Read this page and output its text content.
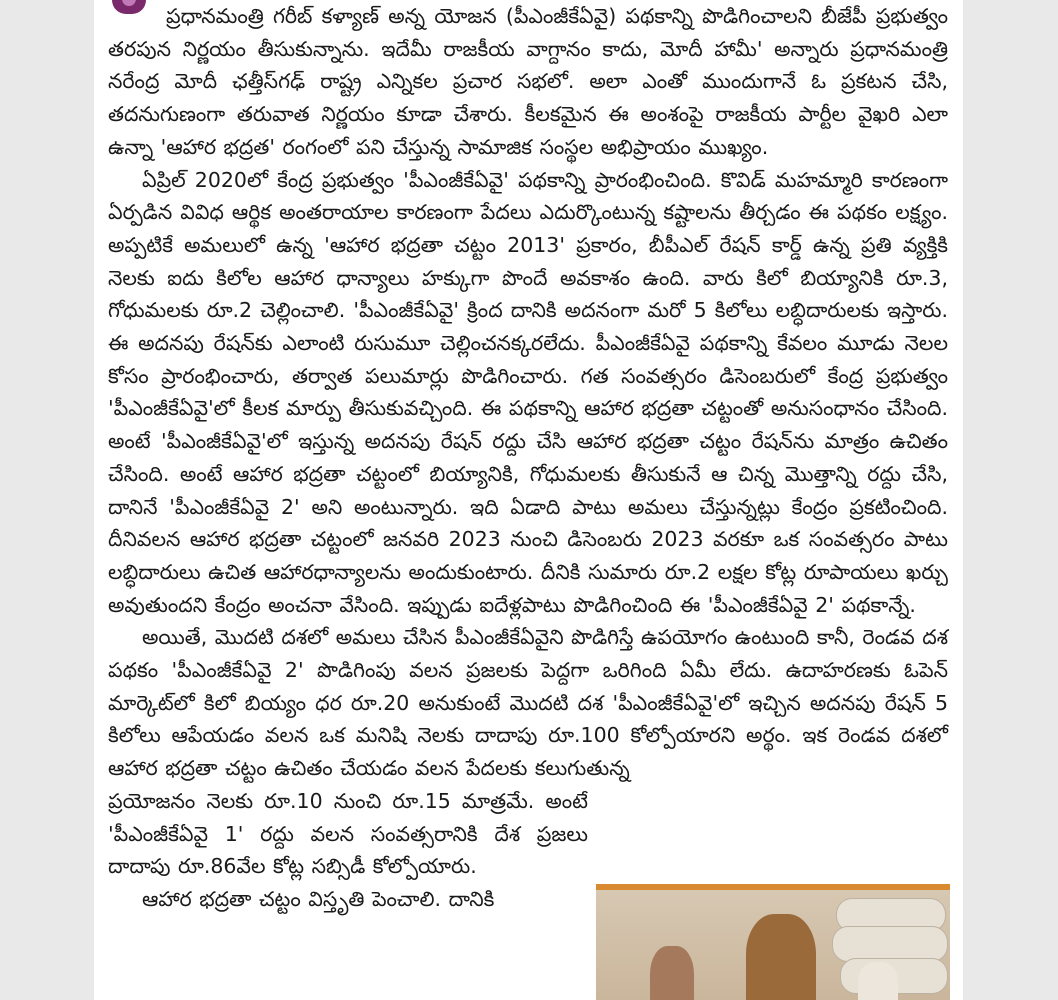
ప్రధానమంత్రి గరీబ్ కళ్యాణ్ అన్న యోజన (పీఎంజీకేఏవై) పథకాన్ని పొడిగించాలని బీజేపీ ప్రభుత్వం తరపున నిర్ణయం తీసుకున్నాను. ఇదేమీ రాజకీయ వాగ్దానం కాదు, మోదీ హామీ' అన్నారు ప్రధానమంత్రి నరేంద్ర మోదీ ఛత్తీస్‌గఢ్ రాష్ట్ర ఎన్నికల ప్రచార సభలో. అలా ఎంతో ముందుగానే ఓ ప్రకటన చేసి, తదనుగుణంగా తరువాత నిర్ణయం కూడా చేశారు. కీలకమైన ఈ అంశంపై రాజకీయ పార్టీల వైఖరి ఎలా ఉన్నా 'ఆహార భద్రత' రంగంలో పని చేస్తున్న సామాజిక సంస్థల అభిప్రాయం ముఖ్యం.

ఏప్రిల్ 2020లో కేంద్ర ప్రభుత్వం 'పీఎంజీకేఏవై' పథకాన్ని ప్రారంభించింది. కొవిడ్ మహమ్మారి కారణంగా ఏర్పడిన వివిధ ఆర్థిక అంతరాయాల కారణంగా పేదలు ఎదుర్కొంటున్న కష్టాలను తీర్చడం ఈ పథకం లక్ష్యం. అప్పటికే అమలులో ఉన్న 'ఆహార భద్రతా చట్టం 2013' ప్రకారం, బీపీఎల్ రేషన్ కార్డ్ ఉన్న ప్రతి వ్యక్తికి నెలకు ఐదు కిలోల ఆహార ధాన్యాలు హక్కుగా పొందే అవకాశం ఉంది. వారు కిలో బియ్యానికి రూ.3, గోధుమలకు రూ.2 చెల్లించాలి. 'పీఎంజీకేఏవై' క్రింద దానికి అదనంగా మరో 5 కిలోలు లబ్ధిదారులకు ఇస్తారు. ఈ అదనపు రేషన్‌కు ఎలాంటి రుసుమూ చెల్లించనక్కరలేదు. పీఎంజీకేఏవై పథకాన్ని కేవలం మూడు నెలల కోసం ప్రారంభించారు, తర్వాత పలుమార్లు పొడిగించారు. గత సంవత్సరం డిసెంబరులో కేంద్ర ప్రభుత్వం 'పీఎంజీకేఏవై'లో కీలక మార్పు తీసుకువచ్చింది. ఈ పథకాన్ని ఆహార భద్రతా చట్టంతో అనుసంధానం చేసింది. అంటే 'పీఎంజీకేఏవై'లో ఇస్తున్న అదనపు రేషన్ రద్దు చేసి ఆహార భద్రతా చట్టం రేషన్‌ను మాత్రం ఉచితం చేసింది. అంటే ఆహార భద్రతా చట్టంలో బియ్యానికి, గోధుమలకు తీసుకునే ఆ చిన్న మొత్తాన్ని రద్దు చేసి, దానినే 'పీఎంజీకేఏవై 2' అని అంటున్నారు. ఇది ఏడాది పాటు అమలు చేస్తున్నట్లు కేంద్రం ప్రకటించింది. దీనివలన ఆహార భద్రతా చట్టంలో జనవరి 2023 నుంచి డిసెంబరు 2023 వరకూ ఒక సంవత్సరం పాటు లబ్ధిదారులు ఉచిత ఆహారధాన్యాలను అందుకుంటారు. దీనికి సుమారు రూ.2 లక్షల కోట్ల రూపాయలు ఖర్చు అవుతుందని కేంద్రం అంచనా వేసింది. ఇప్పుడు ఐదేళ్లపాటు పొడిగించింది ఈ 'పీఎంజీకేఏవై 2' పథకాన్నే.

అయితే, మొదటి దశలో అమలు చేసిన పీఎంజీకేఏవైని పొడిగిస్తే ఉపయోగం ఉంటుంది కానీ, రెండవ దశ పథకం 'పీఎంజీకేఏవై 2' పొడిగింపు వలన ప్రజలకు పెద్దగా ఒరిగింది ఏమీ లేదు. ఉదాహరణకు ఓపెన్ మార్కెట్‌లో కిలో బియ్యం ధర రూ.20 అనుకుంటే మొదటి దశ 'పీఎంజీకేఏవై'లో ఇచ్చిన అదనపు రేషన్ 5 కిలోలు ఆపేయడం వలన ఒక మనిషి నెలకు దాదాపు రూ.100 కోల్పోయారని అర్థం. ఇక రెండవ దశలో ఆహార భద్రతా చట్టం ఉచితం చేయడం వలన పేదలకు కలుగుతున్న

ప్రయోజనం నెలకు రూ.10 నుంచి రూ.15 మాత్రమే. అంటే 'పీఎంజీకేఏవై 1' రద్దు వలన సంవత్సరానికి దేశ ప్రజలు దాదాపు రూ.86వేల కోట్ల సబ్సిడీ కోల్పోయారు.

ఆహార భద్రతా చట్టం విస్తృతి పెంచాలి. దానికి
